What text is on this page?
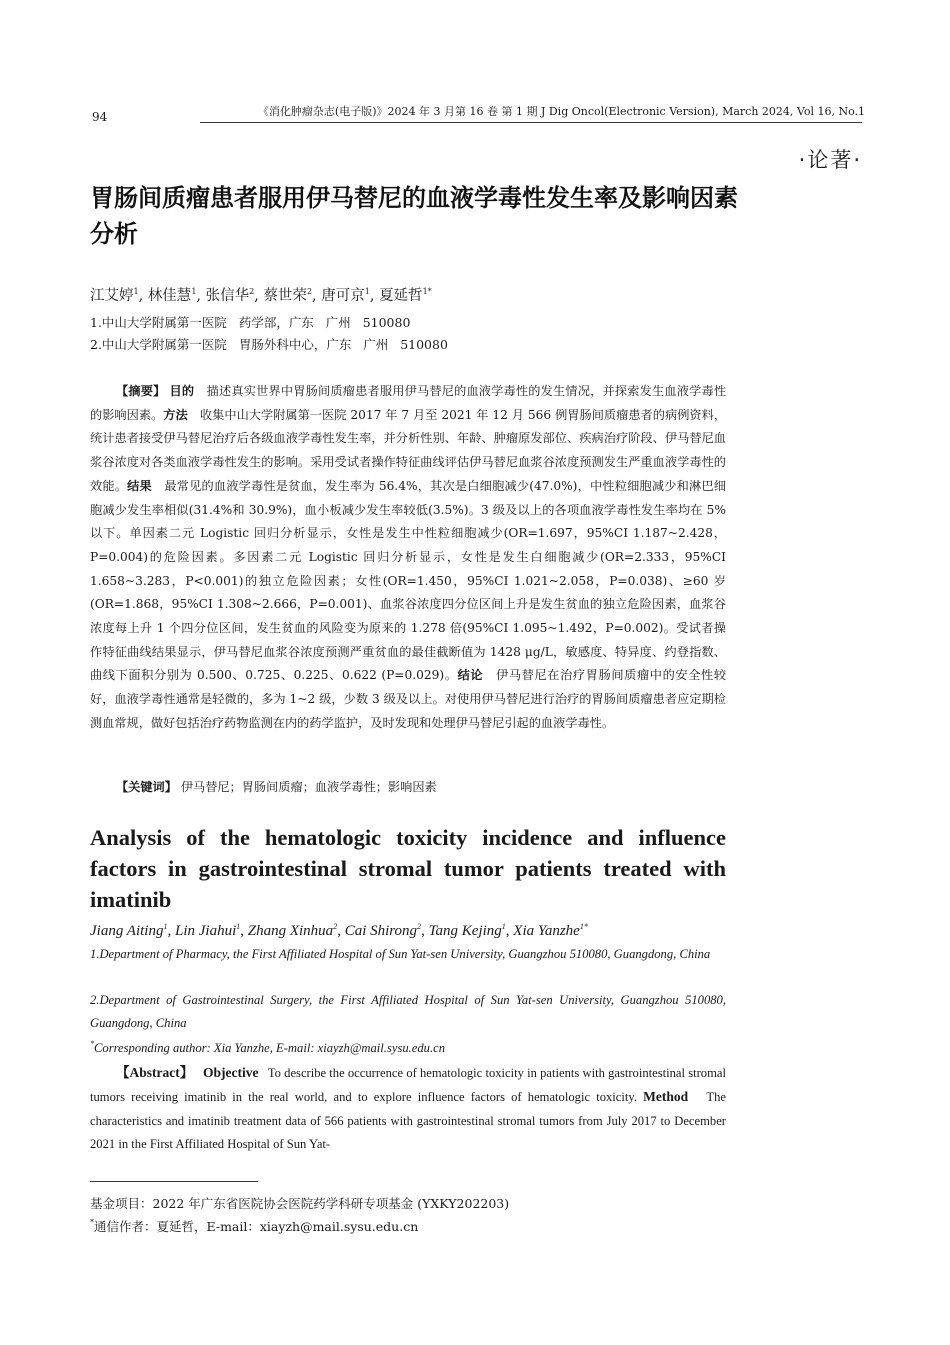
94	《消化肿瘤杂志(电子版)》2024 年 3 月第 16 卷 第 1 期 J Dig Oncol(Electronic Version), March 2024, Vol 16, No.1
·论著·
胃肠间质瘤患者服用伊马替尼的血液学毒性发生率及影响因素分析
江艾婷$^1$, 林佳慧$^1$, 张信华$^2$, 蔡世荣$^2$, 唐可京$^1$, 夏延哲$^{1*}$
1.中山大学附属第一医院   药学部，广东   广州   510080
2.中山大学附属第一医院   胃肠外科中心，广东   广州   510080
【摘要】 目的　 描述真实世界中胃肠间质瘤患者服用伊马替尼的血液学毒性的发生情况，并探索发生血液学毒性的影响因素。方法　 收集中山大学附属第一医院 2017 年 7 月至 2021 年 12 月 566 例胃肠间质瘤患者的病例资料，统计患者接受伊马替尼治疗后各级血液学毒性发生率，并分析性别、年龄、肿瘤原发部位、疾病治疗阶段、伊马替尼血浆谷浓度对各类血液学毒性发生的影响。采用受试者操作特征曲线评估伊马替尼血浆谷浓度预测发生严重血液学毒性的效能。结果　 最常见的血液学毒性是贫血，发生率为 56.4%，其次是白细胞减少(47.0%)，中性粒细胞减少和淋巴细胞减少发生率相似(31.4%和 30.9%)，血小板减少发生率较低(3.5%)。3 级及以上的各项血液学毒性发生率均在 5%以下。单因素二元 Logistic 回归分析显示，女性是发生中性粒细胞减少(OR=1.697，95%CI 1.187~2.428，P=0.004)的危险因素。多因素二元 Logistic 回归分析显示，女性是发生白细胞减少(OR=2.333，95%CI 1.658~3.283，P<0.001)的独立危险因素；女性(OR=1.450，95%CI 1.021~2.058，P=0.038)、≥60 岁(OR=1.868，95%CI 1.308~2.666，P=0.001)、血浆谷浓度四分位区间上升是发生贫血的独立危险因素，血浆谷浓度每上升 1 个四分位区间，发生贫血的风险变为原来的 1.278 倍(95%CI 1.095~1.492，P=0.002)。受试者操作特征曲线结果显示，伊马替尼血浆谷浓度预测严重贫血的最佳截断值为 1428 μg/L，敏感度、特异度、约登指数、曲线下面积分别为 0.500、0.725、0.225、0.622 (P=0.029)。结论　 伊马替尼在治疗胃肠间质瘤中的安全性较好，血液学毒性通常是轻微的，多为 1~2 级，少数 3 级及以上。对使用伊马替尼进行治疗的胃肠间质瘤患者应定期检测血常规，做好包括治疗药物监测在内的药学监护，及时发现和处理伊马替尼引起的血液学毒性。
【关键词】 伊马替尼；胃肠间质瘤；血液学毒性；影响因素
Analysis of the hematologic toxicity incidence and influence factors in gastrointestinal stromal tumor patients treated with imatinib
Jiang Aiting$^1$, Lin Jiahui$^1$, Zhang Xinhua$^2$, Cai Shirong$^2$, Tang Kejing$^1$, Xia Yanzhe$^{1*}$
1.Department of Pharmacy, the First Affiliated Hospital of Sun Yat-sen University, Guangzhou 510080, Guangdong, China
2.Department of Gastrointestinal Surgery, the First Affiliated Hospital of Sun Yat-sen University, Guangzhou 510080, Guangdong, China
*Corresponding author: Xia Yanzhe, E-mail: xiayzh@mail.sysu.edu.cn
【Abstract】 Objective To describe the occurrence of hematologic toxicity in patients with gastrointestinal stromal tumors receiving imatinib in the real world, and to explore influence factors of hematologic toxicity. Method The characteristics and imatinib treatment data of 566 patients with gastrointestinal stromal tumors from July 2017 to December 2021 in the First Affiliated Hospital of Sun Yat-
基金项目：2022 年广东省医院协会医院药学科研专项基金 (YXKY202203)
*通信作者：夏延哲，E-mail：xiayzh@mail.sysu.edu.cn
